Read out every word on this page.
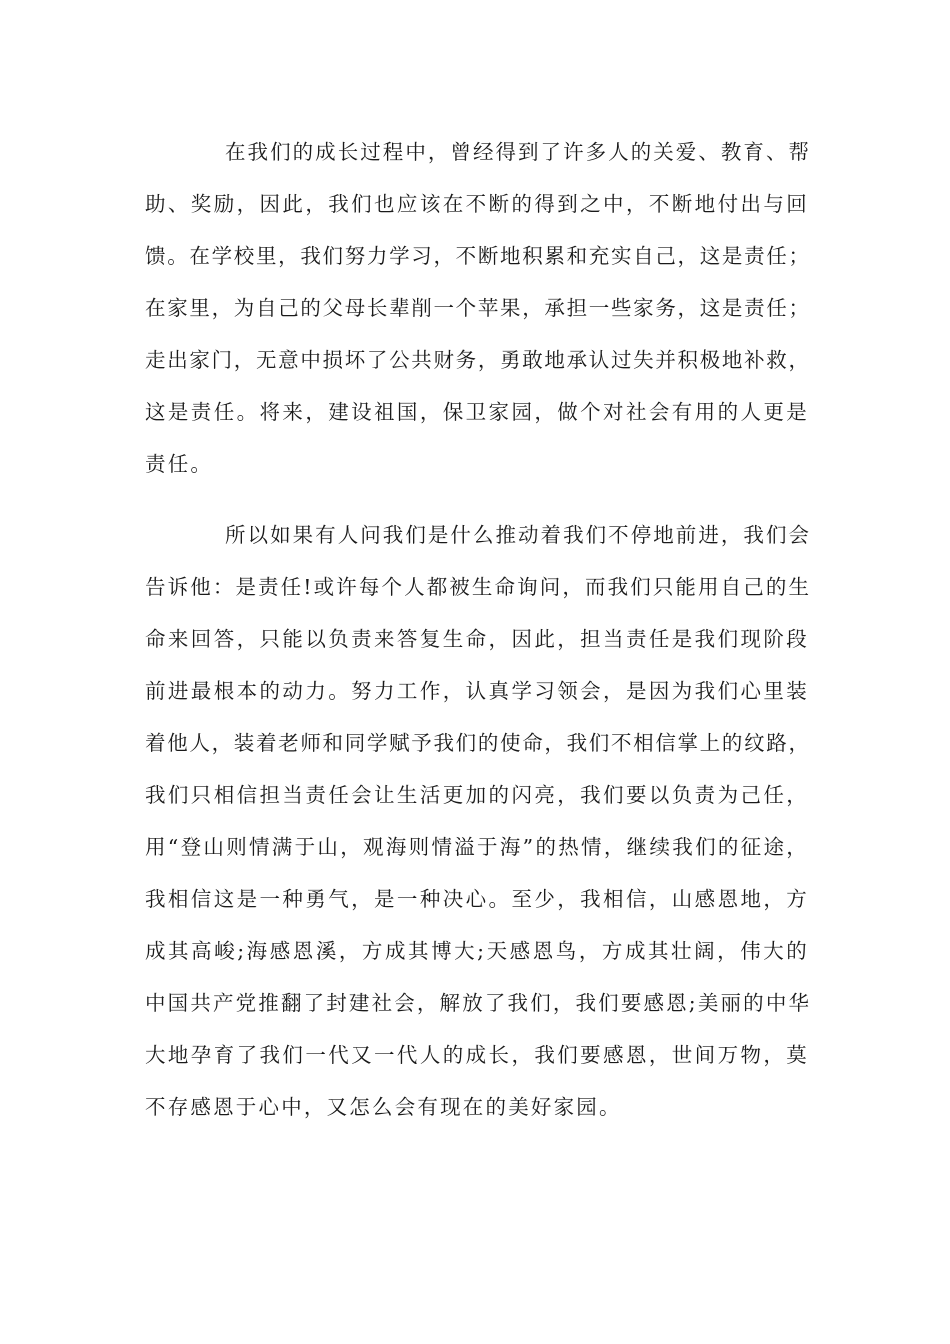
在我们的成长过程中，曾经得到了许多人的关爱、教育、帮
助、奖励，因此，我们也应该在不断的得到之中，不断地付出与回
馈。在学校里，我们努力学习，不断地积累和充实自己，这是责任；
在家里，为自己的父母长辈削一个苹果，承担一些家务，这是责任；
走出家门，无意中损坏了公共财务，勇敢地承认过失并积极地补救，
这是责任。将来，建设祖国，保卫家园，做个对社会有用的人更是
责任。
所以如果有人问我们是什么推动着我们不停地前进，我们会
告诉他：是责任!或许每个人都被生命询问，而我们只能用自己的生
命来回答，只能以负责来答复生命，因此，担当责任是我们现阶段
前进最根本的动力。努力工作，认真学习领会，是因为我们心里装
着他人，装着老师和同学赋予我们的使命，我们不相信掌上的纹路，
我们只相信担当责任会让生活更加的闪亮，我们要以负责为己任，
用“登山则情满于山，观海则情溢于海”的热情，继续我们的征途，
我相信这是一种勇气，是一种决心。至少，我相信，山感恩地，方
成其高峻;海感恩溪，方成其博大;天感恩鸟，方成其壮阔，伟大的
中国共产党推翻了封建社会，解放了我们，我们要感恩;美丽的中华
大地孕育了我们一代又一代人的成长，我们要感恩，世间万物，莫
不存感恩于心中，又怎么会有现在的美好家园。
